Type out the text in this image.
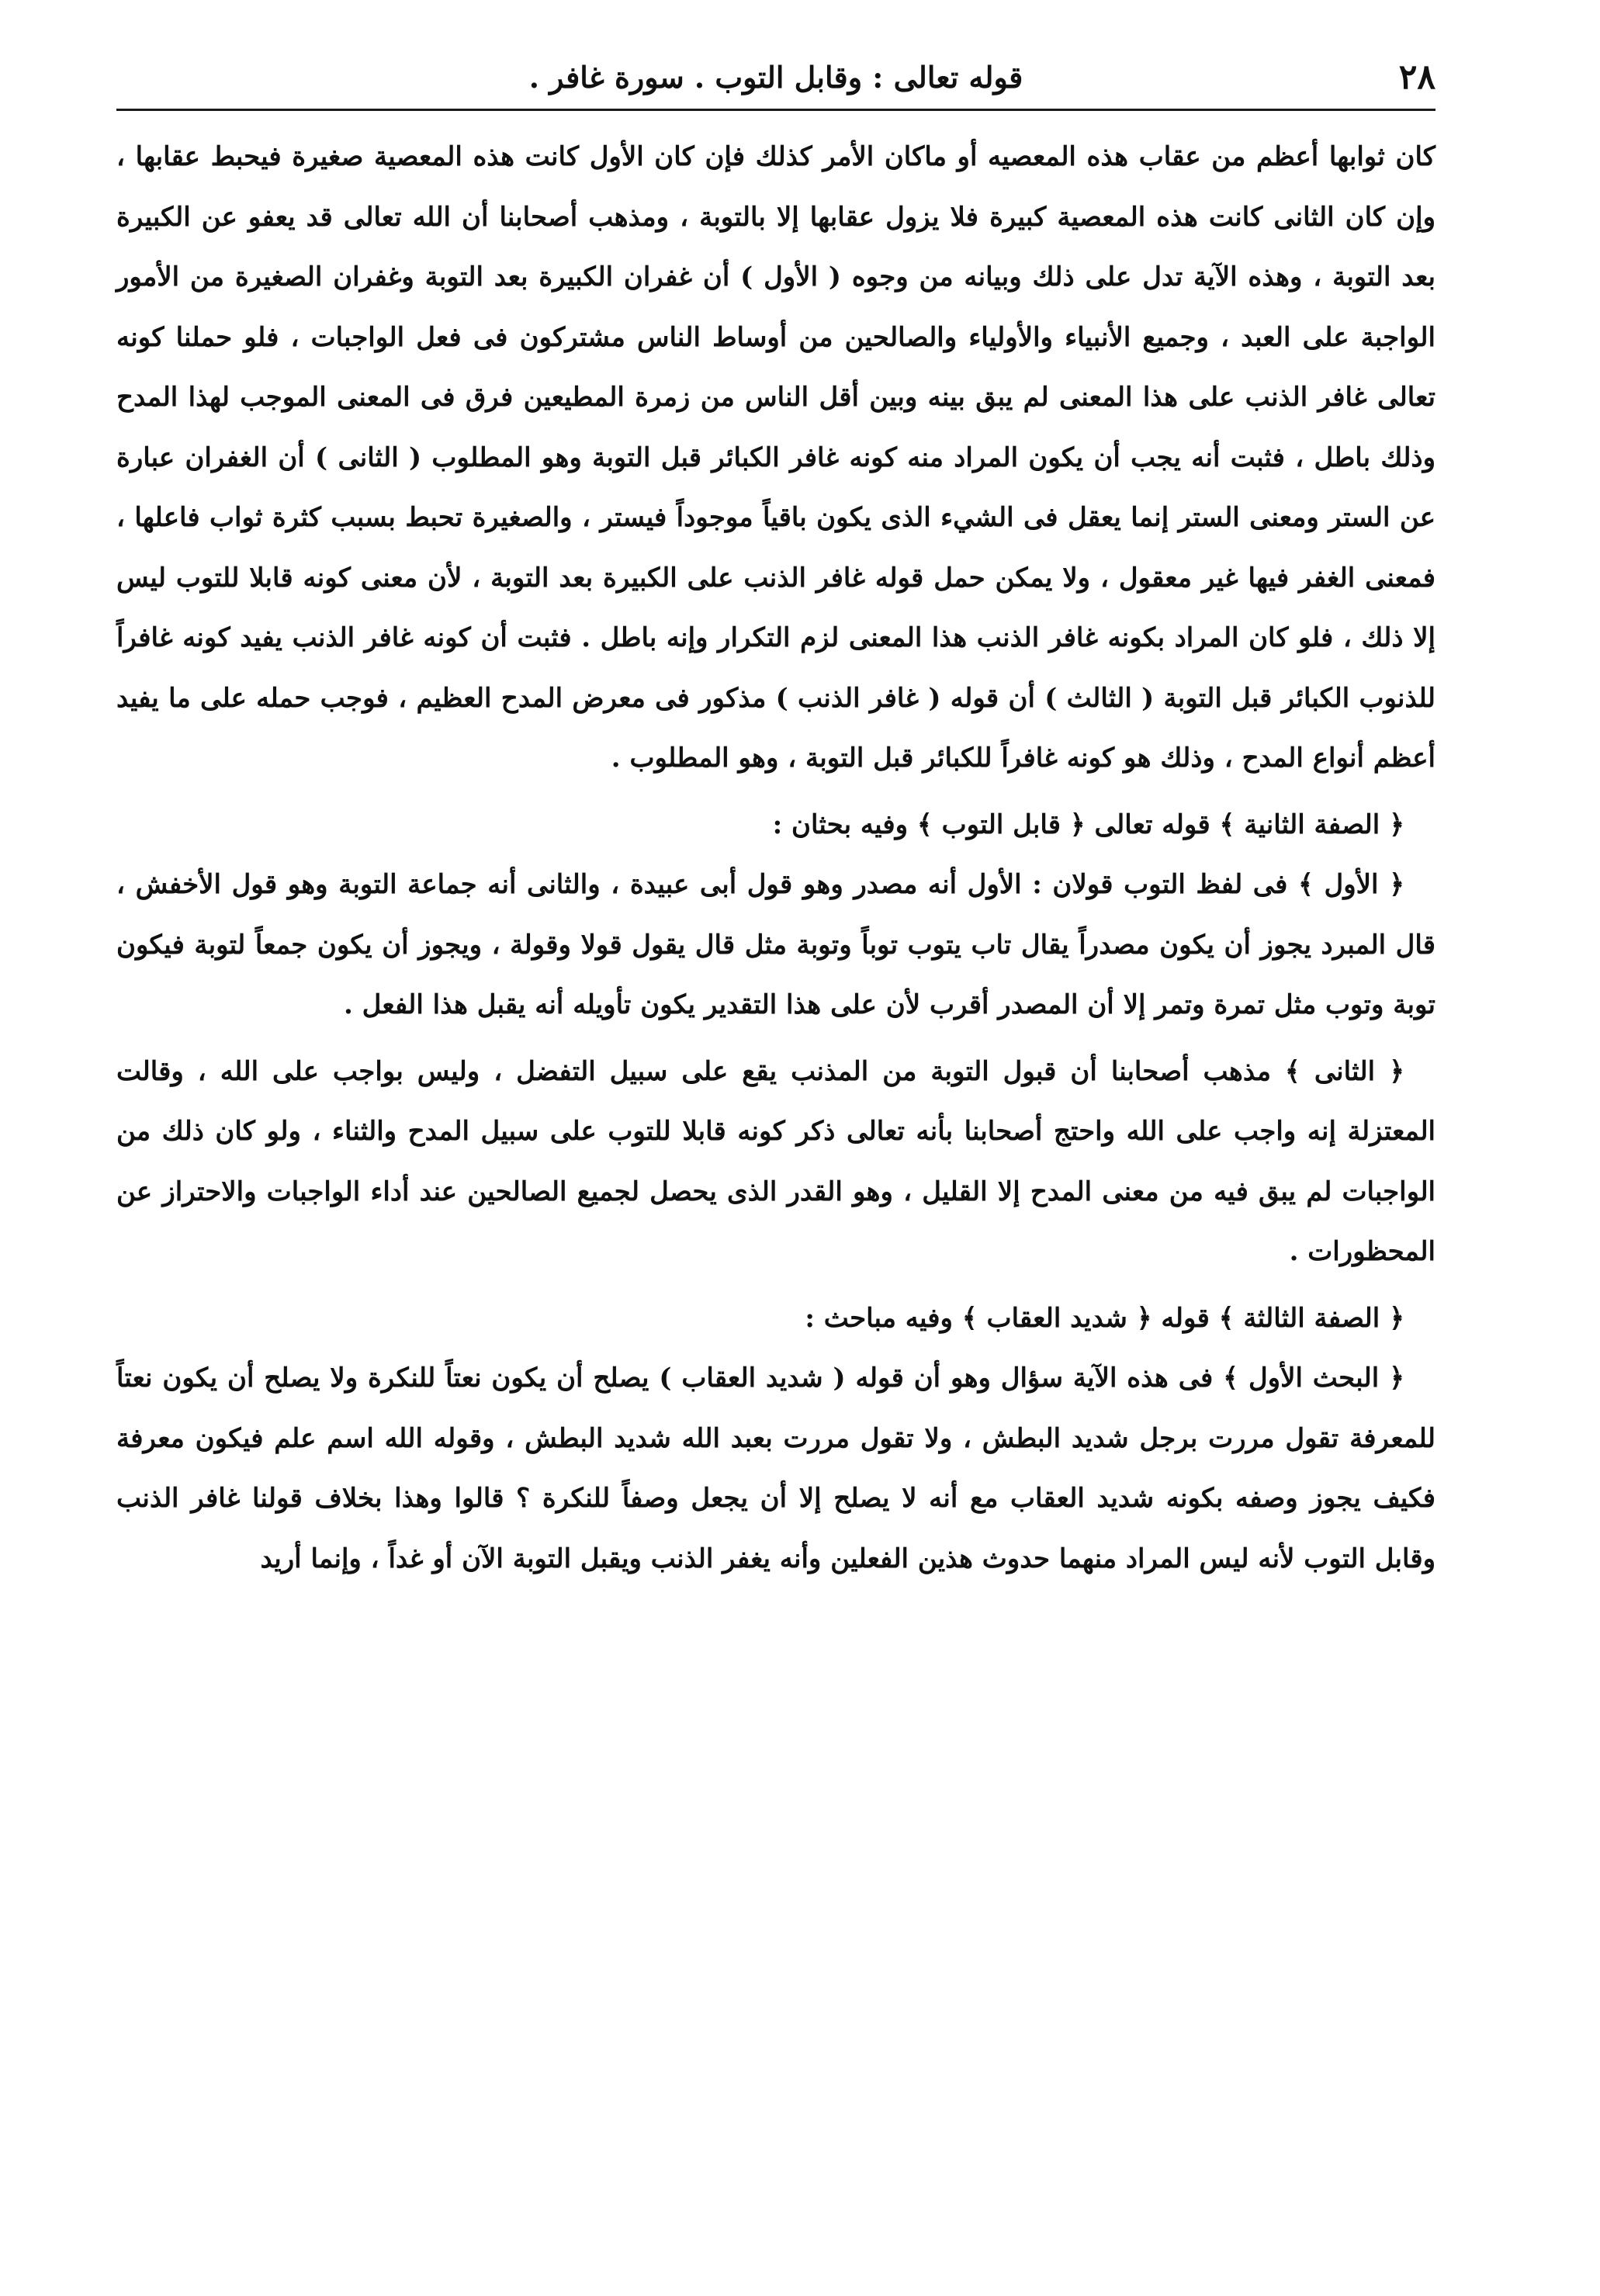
٢٨
قوله تعالى : وقابل التوب . سورة غافر .

كان ثوابها أعظم من عقاب هذه المعصيه أو ماكان الأمر كذلك فإن كان الأول كانت هذه المعصية صغيرة فيحبط عقابها ، وإن كان الثانى كانت هذه المعصية كبيرة فلا يزول عقابها إلا بالتوبة ، ومذهب أصحابنا أن الله تعالى قد يعفو عن الكبيرة بعد التوبة ، وهذه الآية تدل على ذلك وبيانه من وجوه ( الأول ) أن غفران الكبيرة بعد التوبة وغفران الصغيرة من الأمور الواجبة على العبد ، وجميع الأنبياء والأولياء والصالحين من أوساط الناس مشتركون فى فعل الواجبات ، فلو حملنا كونه تعالى غافر الذنب على هذا المعنى لم يبق بينه وبين أقل الناس من زمرة المطيعين فرق فى المعنى الموجب لهذا المدح وذلك باطل ، فثبت أنه يجب أن يكون المراد منه كونه غافر الكبائر قبل التوبة وهو المطلوب ( الثانى ) أن الغفران عبارة عن الستر ومعنى الستر إنما يعقل فى الشيء الذى يكون باقياً موجوداً فيستر ، والصغيرة تحبط بسبب كثرة ثواب فاعلها ، فمعنى الغفر فيها غير معقول ، ولا يمكن حمل قوله غافر الذنب على الكبيرة بعد التوبة ، لأن معنى كونه قابلا للتوب ليس إلا ذلك ، فلو كان المراد بكونه غافر الذنب هذا المعنى لزم التكرار وإنه باطل . فثبت أن كونه غافر الذنب يفيد كونه غافراً للذنوب الكبائر قبل التوبة ( الثالث ) أن قوله ( غافر الذنب ) مذكور فى معرض المدح العظيم ، فوجب حمله على ما يفيد أعظم أنواع المدح ، وذلك هو كونه غافراً للكبائر قبل التوبة ، وهو المطلوب .

﴿ الصفة الثانية ﴾ قوله تعالى ﴿ قابل التوب ﴾ وفيه بحثان :

﴿ الأول ﴾ فى لفظ التوب قولان : الأول أنه مصدر وهو قول أبى عبيدة ، والثانى أنه جماعة التوبة وهو قول الأخفش ، قال المبرد يجوز أن يكون مصدراً يقال تاب يتوب توباً وتوبة مثل قال يقول قولا وقولة ، ويجوز أن يكون جمعاً لتوبة فيكون توبة وتوب مثل تمرة وتمر إلا أن المصدر أقرب لأن على هذا التقدير يكون تأويله أنه يقبل هذا الفعل .

﴿ الثانى ﴾ مذهب أصحابنا أن قبول التوبة من المذنب يقع على سبيل التفضل ، وليس بواجب على الله ، وقالت المعتزلة إنه واجب على الله واحتج أصحابنا بأنه تعالى ذكر كونه قابلا للتوب على سبيل المدح والثناء ، ولو كان ذلك من الواجبات لم يبق فيه من معنى المدح إلا القليل ، وهو القدر الذى يحصل لجميع الصالحين عند أداء الواجبات والاحتراز عن المحظورات .

﴿ الصفة الثالثة ﴾ قوله ﴿ شديد العقاب ﴾ وفيه مباحث :

﴿ البحث الأول ﴾ فى هذه الآية سؤال وهو أن قوله ( شديد العقاب ) يصلح أن يكون نعتاً للنكرة ولا يصلح أن يكون نعتاً للمعرفة تقول مررت برجل شديد البطش ، ولا تقول مررت بعبد الله شديد البطش ، وقوله الله اسم علم فيكون معرفة فكيف يجوز وصفه بكونه شديد العقاب مع أنه لا يصلح إلا أن يجعل وصفاً للنكرة ؟ قالوا وهذا بخلاف قولنا غافر الذنب وقابل التوب لأنه ليس المراد منهما حدوث هذين الفعلين وأنه يغفر الذنب ويقبل التوبة الآن أو غداً ، وإنما أريد
